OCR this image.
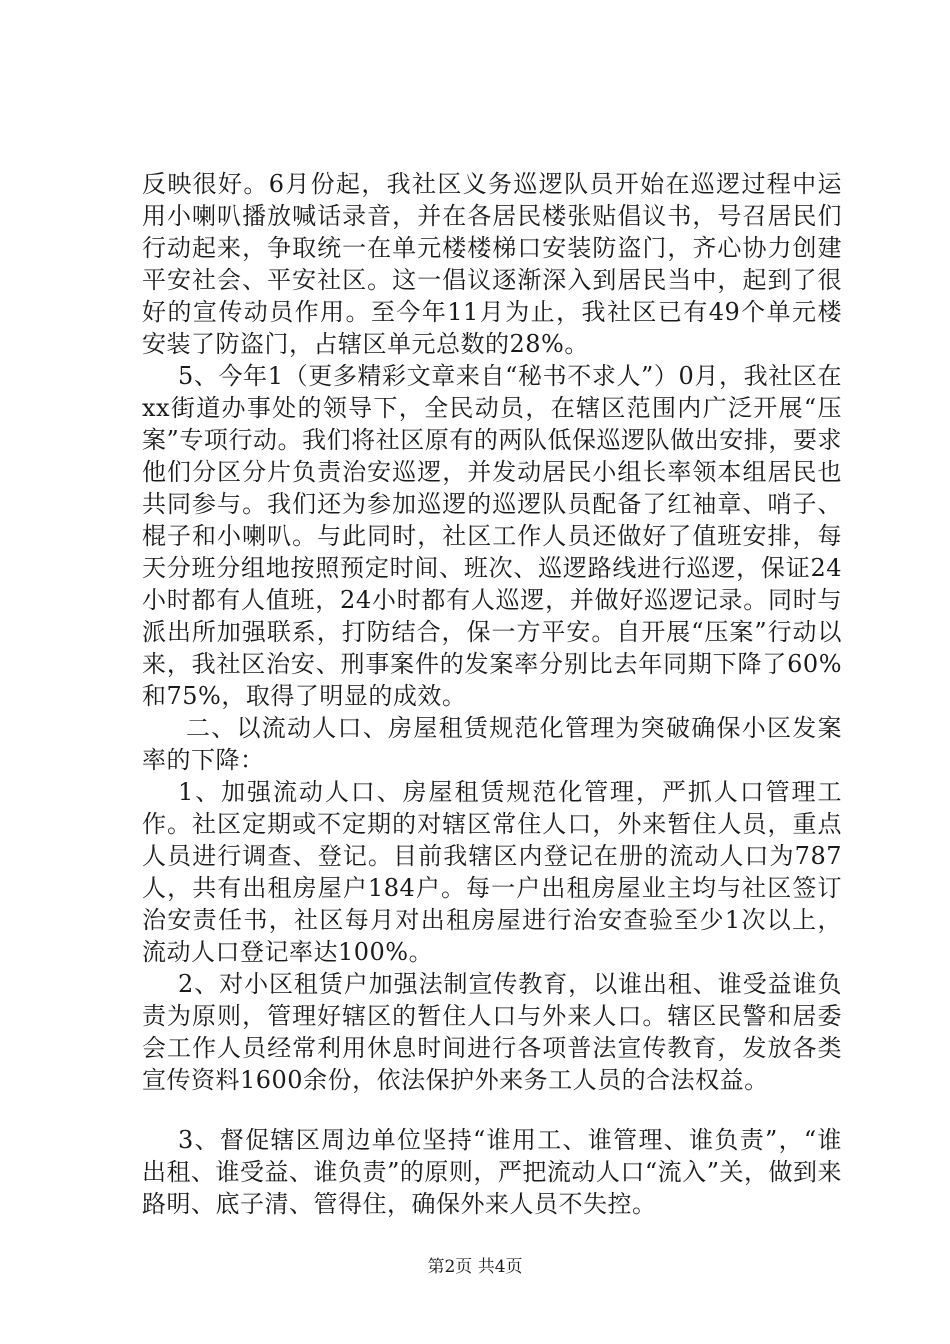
反映很好。6月份起，我社区义务巡逻队员开始在巡逻过程中运用小喇叭播放喊话录音，并在各居民楼张贴倡议书，号召居民们行动起来，争取统一在单元楼楼梯口安装防盗门，齐心协力创建平安社会、平安社区。这一倡议逐渐深入到居民当中，起到了很好的宣传动员作用。至今年11月为止，我社区已有49个单元楼安装了防盗门，占辖区单元总数的28%。

5、今年1（更多精彩文章来自“秘书不求人”）0月，我社区在xx街道办事处的领导下，全民动员，在辖区范围内广泛开展“压案”专项行动。我们将社区原有的两队低保巡逻队做出安排，要求他们分区分片负责治安巡逻，并发动居民小组长率领本组居民也共同参与。我们还为参加巡逻的巡逻队员配备了红袖章、哨子、棍子和小喇叭。与此同时，社区工作人员还做好了值班安排，每天分班分组地按照预定时间、班次、巡逻路线进行巡逻，保证24小时都有人值班，24小时都有人巡逻，并做好巡逻记录。同时与派出所加强联系，打防结合，保一方平安。自开展“压案”行动以来，我社区治安、刑事案件的发案率分别比去年同期下降了60%和75%，取得了明显的成效。

二、以流动人口、房屋租赁规范化管理为突破确保小区发案率的下降：

1、加强流动人口、房屋租赁规范化管理，严抓人口管理工作。社区定期或不定期的对辖区常住人口，外来暂住人员，重点人员进行调查、登记。目前我辖区内登记在册的流动人口为787人，共有出租房屋户184户。每一户出租房屋业主均与社区签订治安责任书，社区每月对出租房屋进行治安查验至少1次以上，流动人口登记率达100%。

2、对小区租赁户加强法制宣传教育，以谁出租、谁受益谁负责为原则，管理好辖区的暂住人口与外来人口。辖区民警和居委会工作人员经常利用休息时间进行各项普法宣传教育，发放各类宣传资料1600余份，依法保护外来务工人员的合法权益。

3、督促辖区周边单位坚持“谁用工、谁管理、谁负责”，“谁出租、谁受益、谁负责”的原则，严把流动人口“流入”关，做到来路明、底子清、管得住，确保外来人员不失控。

第2页 共4页
